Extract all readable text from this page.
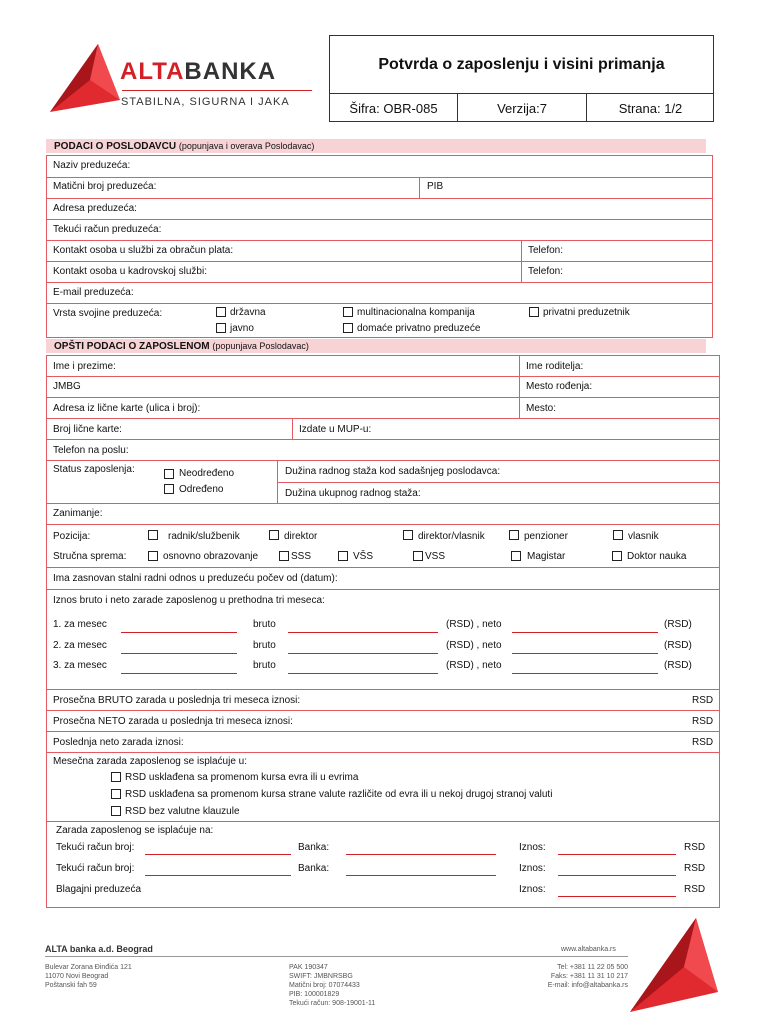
ALTABANKA
STABILNA, SIGURNA I JAKA
Potvrda o zaposlenju i visini primanja
Šifra: OBR-085	Verzija:7	Strana: 1/2
PODACI O POSLODAVCU (popunjava i overava Poslodavac)
Naziv preduzeća:
Matični broj preduzeća:	PIB
Adresa preduzeća:
Tekući račun preduzeća:
Kontakt osoba u službi za obračun plata:	Telefon:
Kontakt osoba u kadrovskoj službi:	Telefon:
E-mail preduzeća:
Vrsta svojine preduzeća:	državna	multinacionalna kompanija	privatni preduzetnik
javno	domaće privatno preduzeće
OPŠTI PODACI O ZAPOSLENOM (popunjava Poslodavac)
Ime i prezime:	Ime roditelja:
JMBG	Mesto rođenja:
Adresa iz lične karte (ulica i broj):	Mesto:
Broj lične karte:	Izdate u MUP-u:
Telefon na poslu:
Status zaposlenja:	Neodređeno
Određeno
Dužina radnog staža kod sadašnjeg poslodavca:
Dužina ukupnog radnog staža:
Zanimanje:
Pozicija:	radnik/službenik	direktor	direktor/vlasnik	penzioner	vlasnik
Stručna sprema:	osnovno obrazovanje	SSS	VŠS	VSS	Magistar	Doktor nauka
Ima zasnovan stalni radni odnos u preduzeću počev od (datum):
Iznos bruto i neto zarade zaposlenog u prethodna tri meseca:
1. za mesec	bruto	(RSD) , neto	(RSD)
2. za mesec	bruto	(RSD) , neto	(RSD)
3. za mesec	bruto	(RSD) , neto	(RSD)
Prosečna BRUTO zarada u poslednja tri meseca iznosi:	RSD
Prosečna NETO zarada u poslednja tri meseca iznosi:	RSD
Poslednja neto zarada iznosi:	RSD
Mesečna zarada zaposlenog se isplaćuje u:
RSD usklađena sa promenom kursa evra ili u evrima
RSD usklađena sa promenom kursa strane valute različite od evra ili u nekoj drugoj stranoj valuti
RSD bez valutne klauzule
Zarada zaposlenog se isplaćuje na:
Tekući račun broj:	Banka:	Iznos:	RSD
Tekući račun broj:	Banka:	Iznos:	RSD
Blagajni preduzeća	Iznos:	RSD
ALTA banka a.d. Beograd	www.altabanka.rs
Bulevar Zorana Đinđića 121
11070 Novi Beograd
Poštanski fah 59
PAK 190347
SWIFT: JMBNRSBG
Matični broj: 07074433
PIB: 100001829
Tekući račun: 908-19001-11
Tel: +381 11 22 05 500
Faks: +381 11 31 10 217
E-mail: info@altabanka.rs
